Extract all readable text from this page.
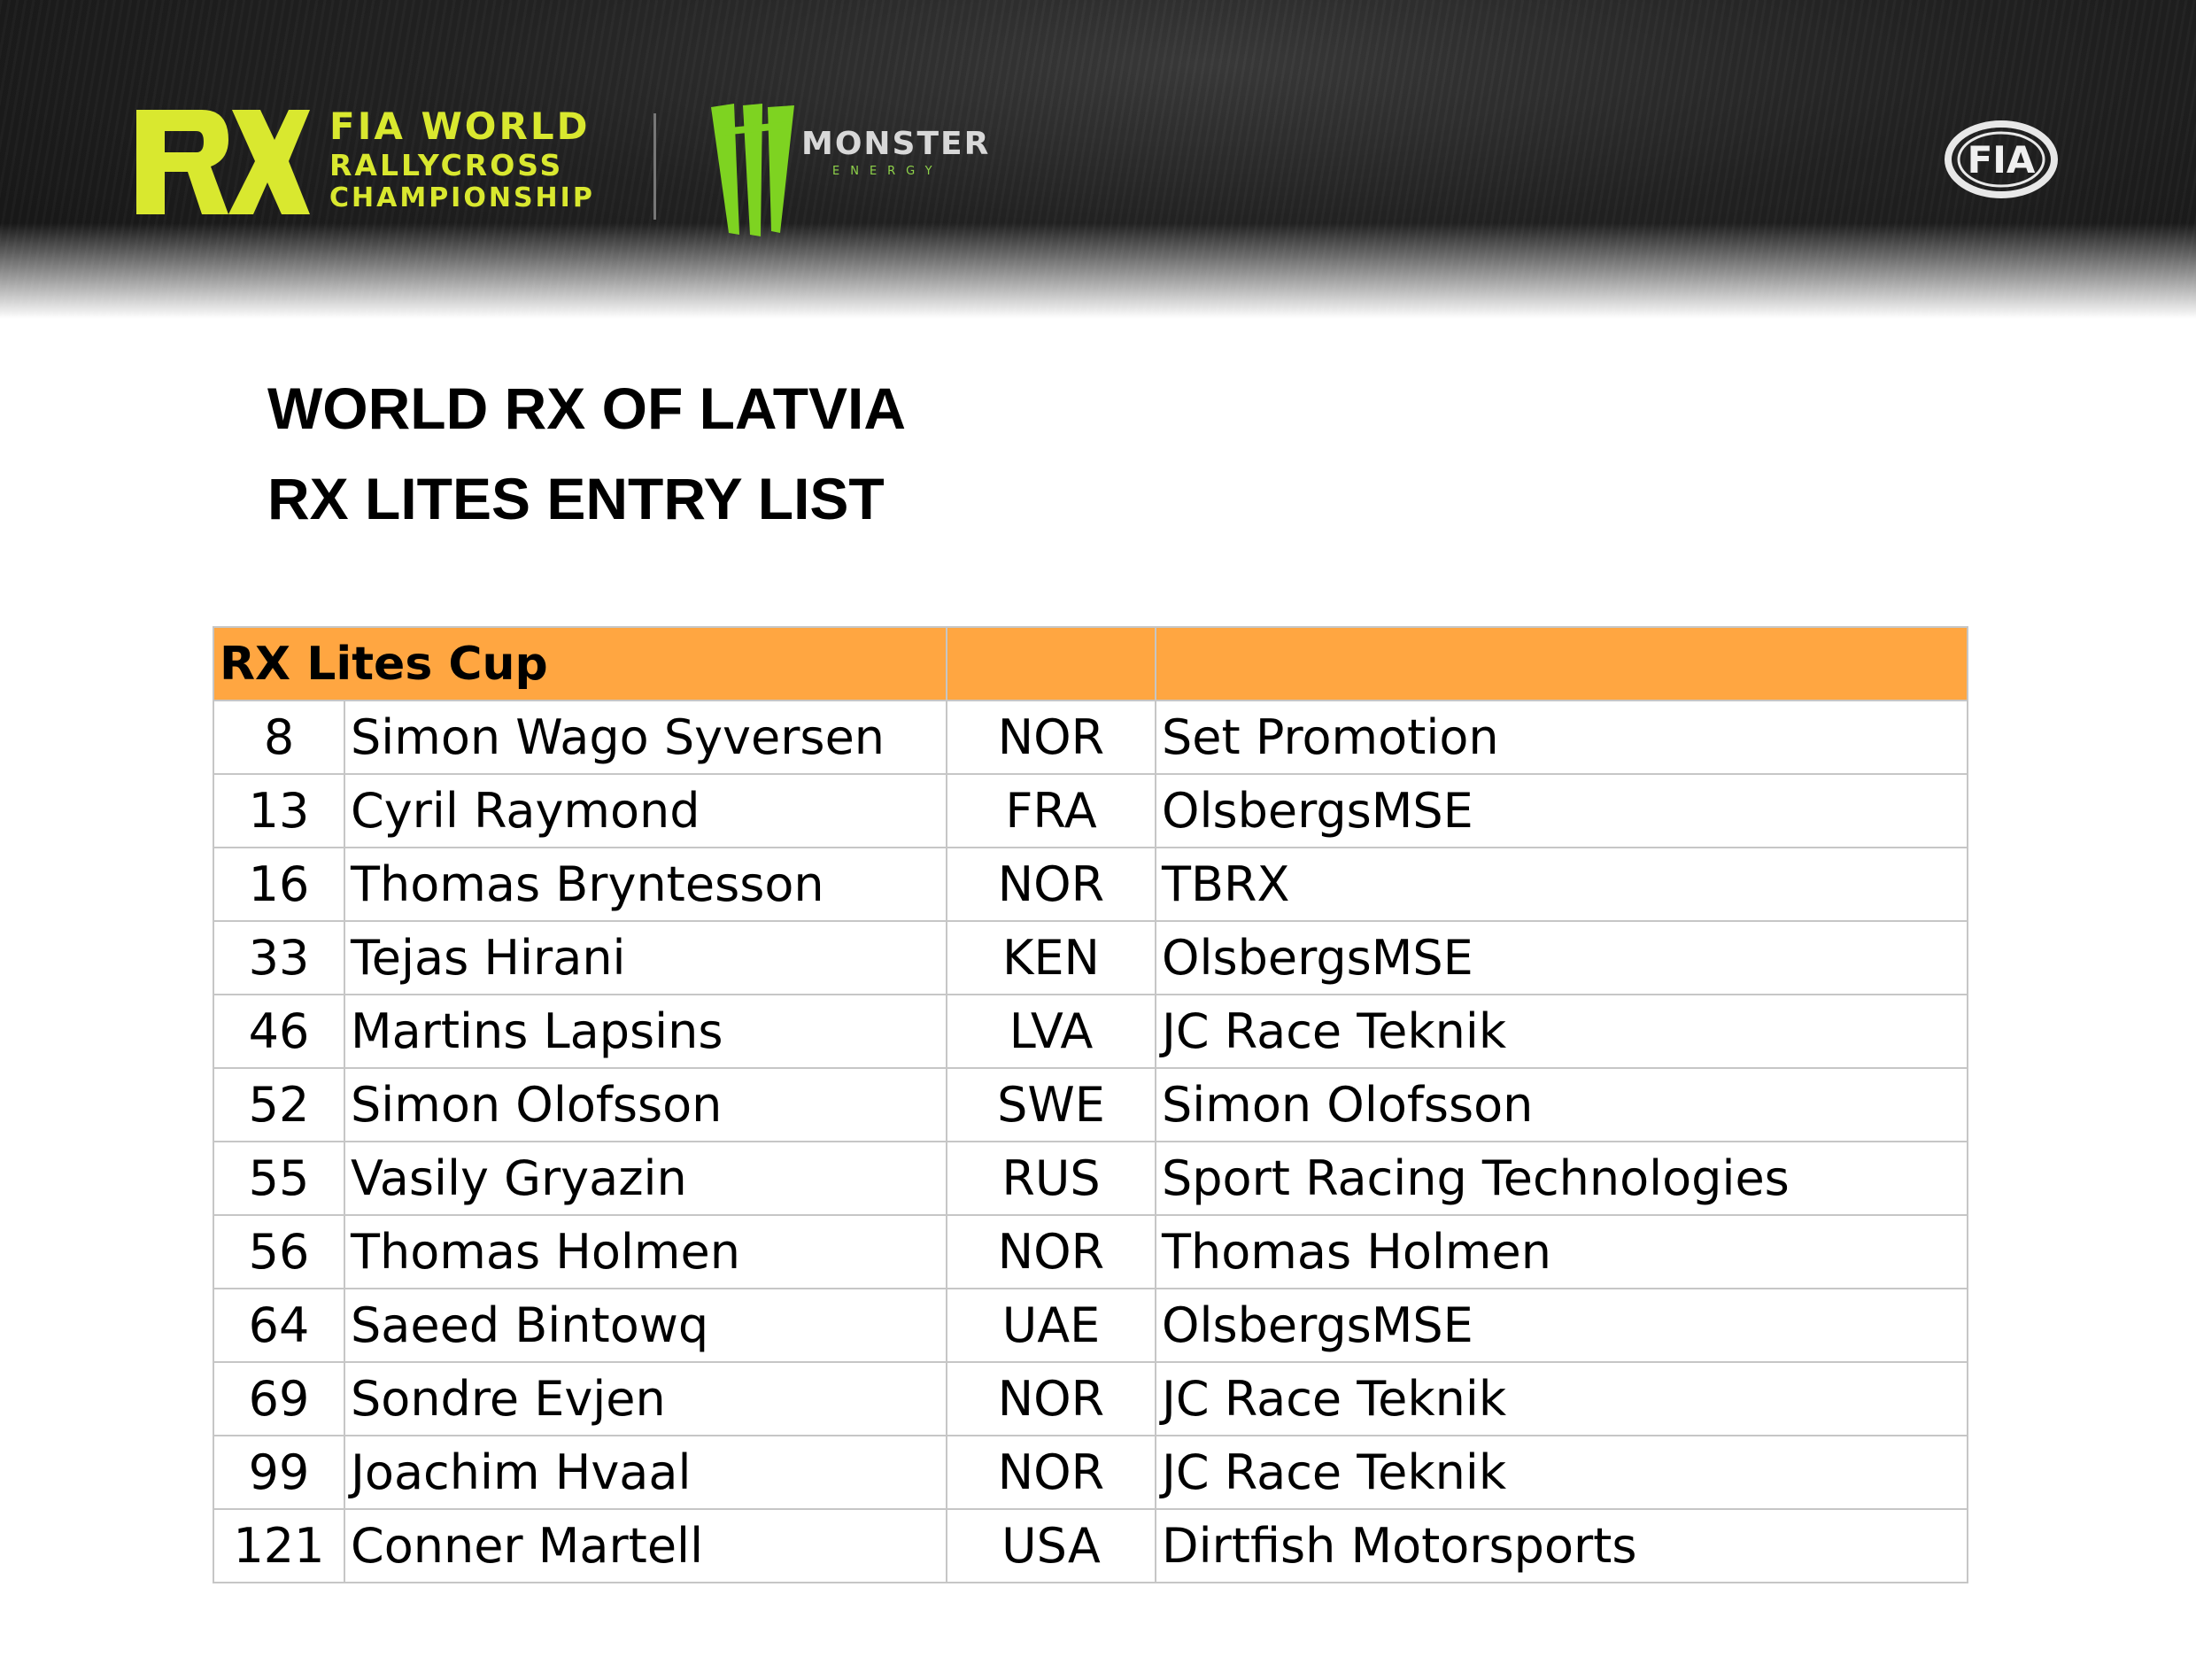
FIA WORLD
RALLYCROSS
CHAMPIONSHIP
MONSTER
ENERGY	FIA
WORLD RX OF LATVIA
RX LITES ENTRY LIST
RX Lites Cup			
8	Simon Wago Syversen	NOR	Set Promotion
13	Cyril Raymond	FRA	OlsbergsMSE
16	Thomas Bryntesson	NOR	TBRX
33	Tejas Hirani	KEN	OlsbergsMSE
46	Martins Lapsins	LVA	JC Race Teknik
52	Simon Olofsson	SWE	Simon Olofsson
55	Vasily Gryazin	RUS	Sport Racing Technologies
56	Thomas Holmen	NOR	Thomas Holmen
64	Saeed Bintowq	UAE	OlsbergsMSE
69	Sondre Evjen	NOR	JC Race Teknik
99	Joachim Hvaal	NOR	JC Race Teknik
121	Conner Martell	USA	Dirtfish Motorsports
